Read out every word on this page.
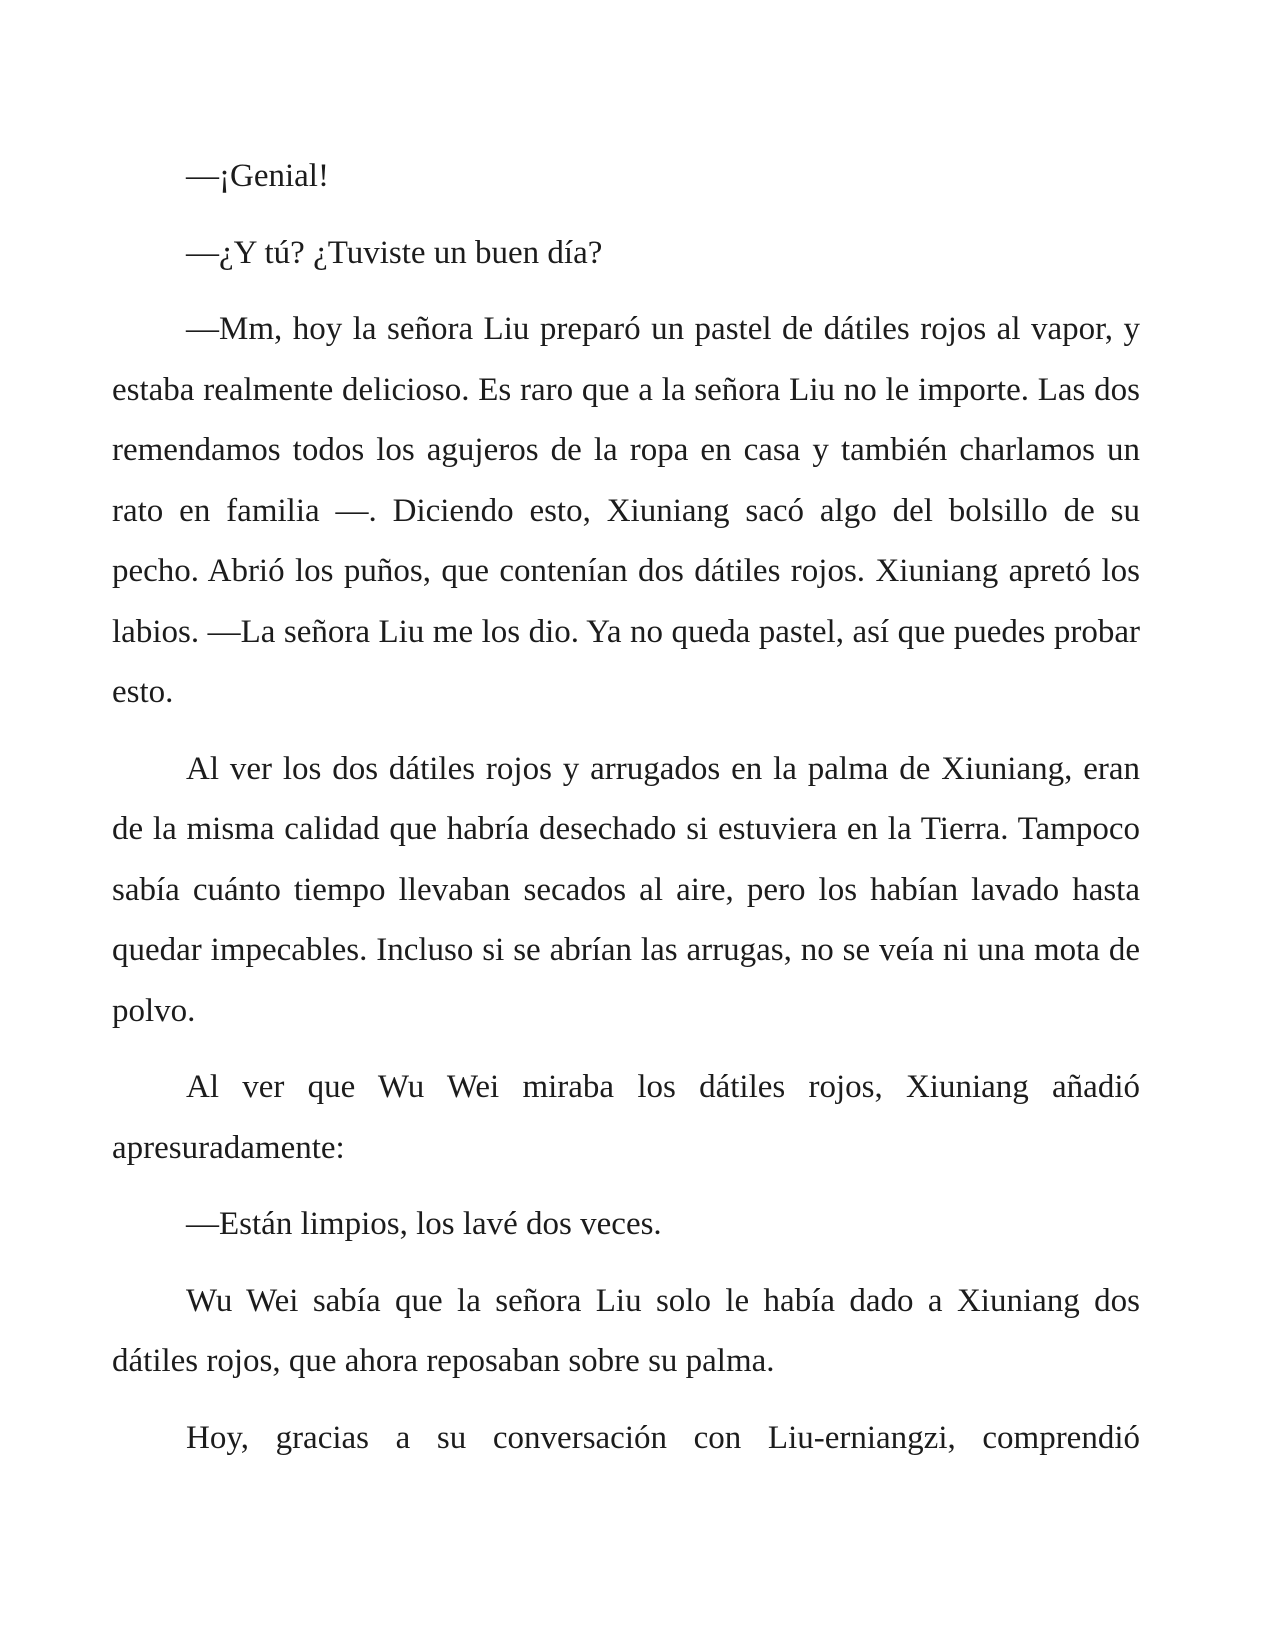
—¡Genial!

—¿Y tú? ¿Tuviste un buen día?

—Mm, hoy la señora Liu preparó un pastel de dátiles rojos al vapor, y estaba realmente delicioso. Es raro que a la señora Liu no le importe. Las dos remendamos todos los agujeros de la ropa en casa y también charlamos un rato en familia —. Diciendo esto, Xiuniang sacó algo del bolsillo de su pecho. Abrió los puños, que contenían dos dátiles rojos. Xiuniang apretó los labios. —La señora Liu me los dio. Ya no queda pastel, así que puedes probar esto.

Al ver los dos dátiles rojos y arrugados en la palma de Xiuniang, eran de la misma calidad que habría desechado si estuviera en la Tierra. Tampoco sabía cuánto tiempo llevaban secados al aire, pero los habían lavado hasta quedar impecables. Incluso si se abrían las arrugas, no se veía ni una mota de polvo.

Al ver que Wu Wei miraba los dátiles rojos, Xiuniang añadió apresuradamente:

—Están limpios, los lavé dos veces.

Wu Wei sabía que la señora Liu solo le había dado a Xiuniang dos dátiles rojos, que ahora reposaban sobre su palma.

Hoy, gracias a su conversación con Liu-erniangzi, comprendió
